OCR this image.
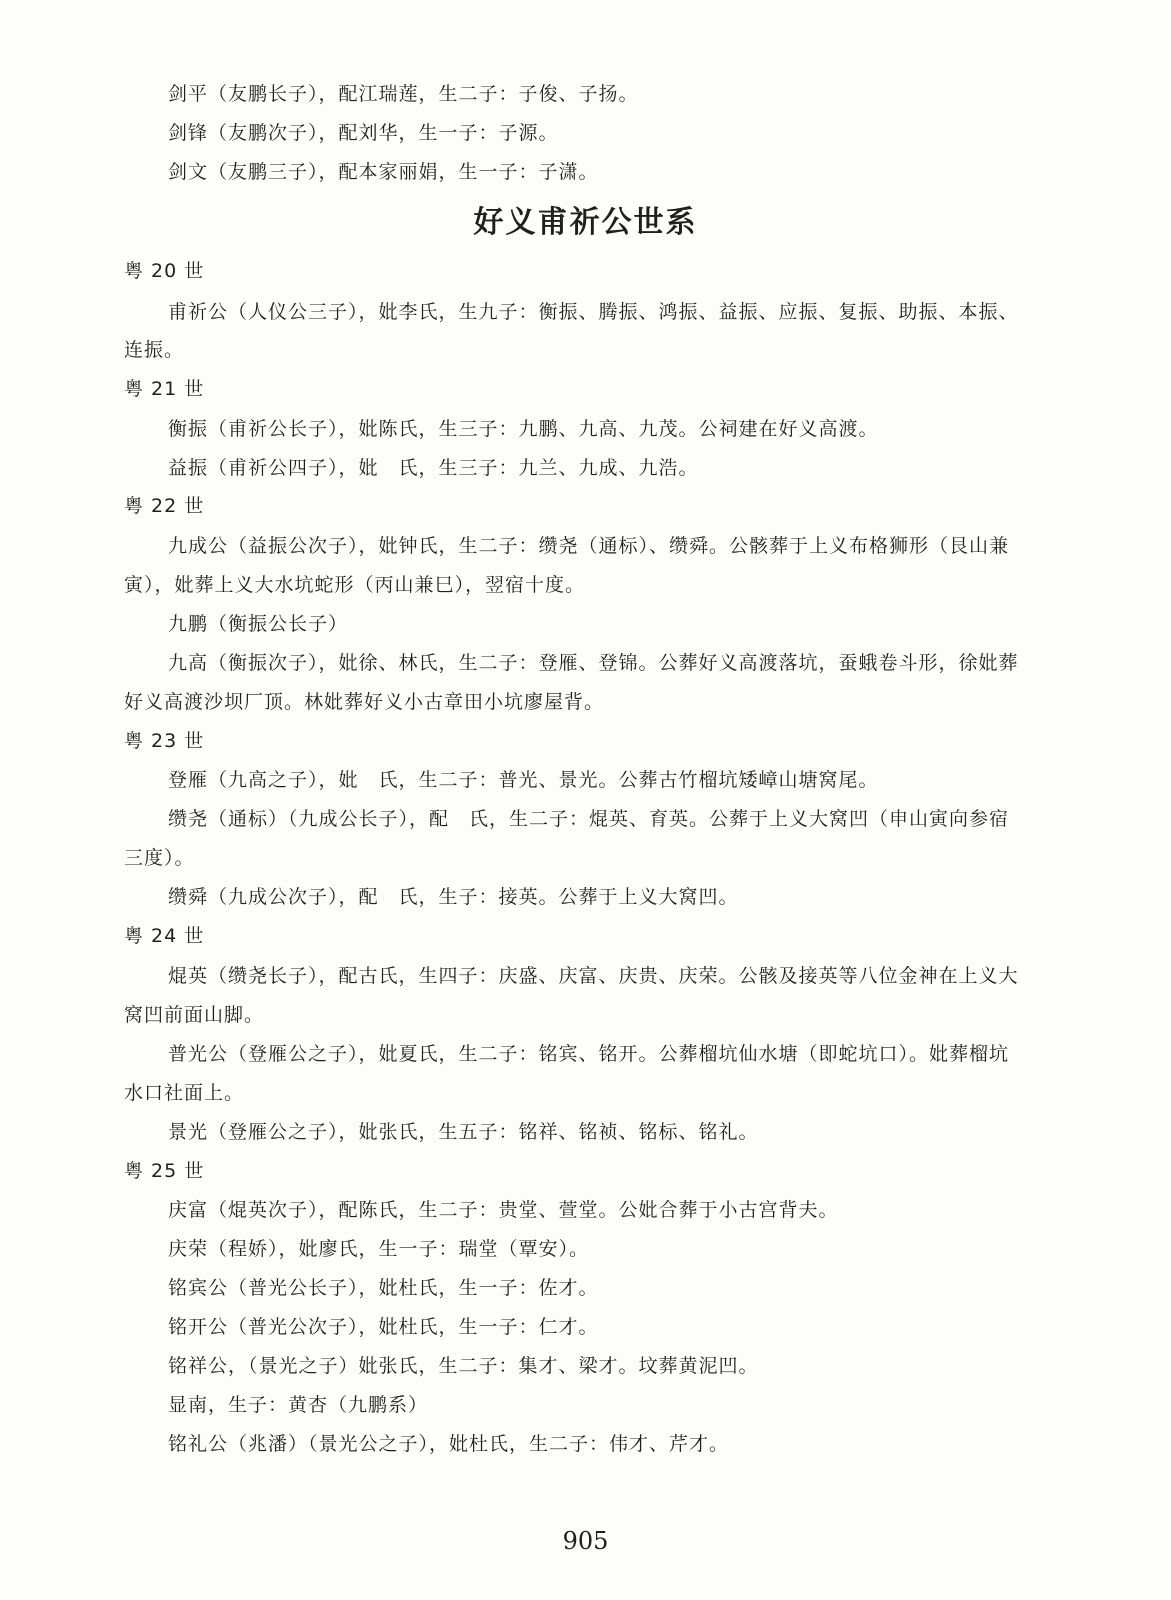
剑平（友鹏长子），配江瑞莲，生二子：子俊、子扬。
剑锋（友鹏次子），配刘华，生一子：子源。
剑文（友鹏三子），配本家丽娟，生一子：子潇。
好义甫祈公世系
粤 20 世
甫祈公（人仪公三子），妣李氏，生九子：衡振、腾振、鸿振、益振、应振、复振、助振、本振、
连振。
粤 21 世
衡振（甫祈公长子），妣陈氏，生三子：九鹏、九高、九茂。公祠建在好义高渡。
益振（甫祈公四子），妣　氏，生三子：九兰、九成、九浩。
粤 22 世
九成公（益振公次子），妣钟氏，生二子：缵尧（通标）、缵舜。公骸葬于上义布格狮形（艮山兼
寅），妣葬上义大水坑蛇形（丙山兼巳），翌宿十度。
九鹏（衡振公长子）
九高（衡振次子），妣徐、林氏，生二子：登雁、登锦。公葬好义高渡落坑，蚕蛾卷斗形，徐妣葬
好义高渡沙坝厂顶。林妣葬好义小古章田小坑廖屋背。
粤 23 世
登雁（九高之子），妣　氏，生二子：普光、景光。公葬古竹榴坑矮嶂山塘窝尾。
缵尧（通标）（九成公长子），配　氏，生二子：焜英、育英。公葬于上义大窝凹（申山寅向参宿
三度）。
缵舜（九成公次子），配　氏，生子：接英。公葬于上义大窝凹。
粤 24 世
焜英（缵尧长子），配古氏，生四子：庆盛、庆富、庆贵、庆荣。公骸及接英等八位金神在上义大
窝凹前面山脚。
普光公（登雁公之子），妣夏氏，生二子：铭宾、铭开。公葬榴坑仙水塘（即蛇坑口）。妣葬榴坑
水口社面上。
景光（登雁公之子），妣张氏，生五子：铭祥、铭祯、铭标、铭礼。
粤 25 世
庆富（焜英次子），配陈氏，生二子：贵堂、萱堂。公妣合葬于小古宫背夫。
庆荣（程娇），妣廖氏，生一子：瑞堂（覃安）。
铭宾公（普光公长子），妣杜氏，生一子：佐才。
铭开公（普光公次子），妣杜氏，生一子：仁才。
铭祥公，（景光之子）妣张氏，生二子：集才、梁才。坟葬黄泥凹。
显南，生子：黄杏（九鹏系）
铭礼公（兆潘）（景光公之子），妣杜氏，生二子：伟才、芹才。
905
